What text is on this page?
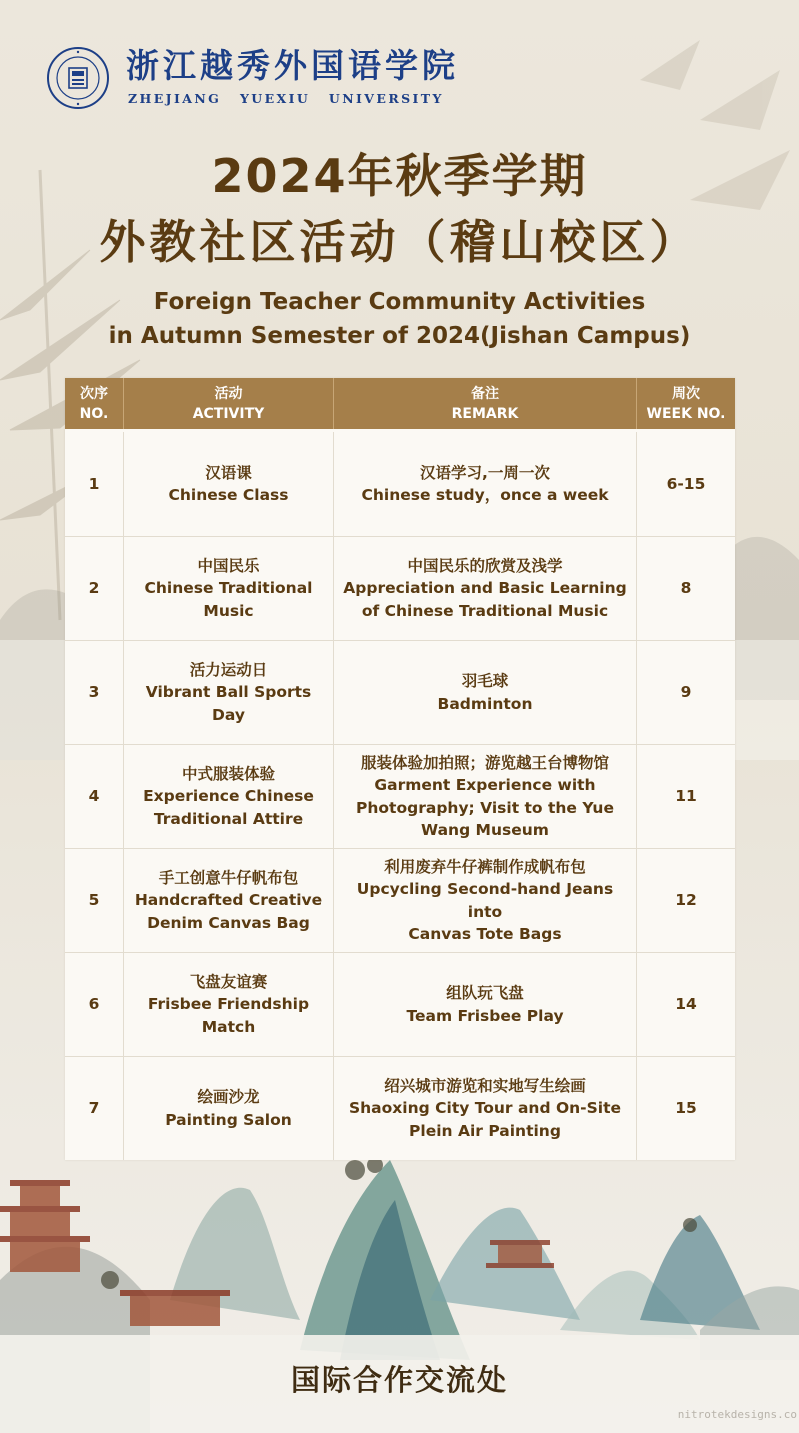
浙江越秀外国语学院
ZHEJIANG YUEXIU UNIVERSITY
2024年秋季学期
外教社区活动（稽山校区）
Foreign Teacher Community Activities
in Autumn Semester of 2024(Jishan Campus)
次序
NO.
活动
ACTIVITY
备注
REMARK
周次
WEEK NO.
1
汉语课
Chinese Class
汉语学习,一周一次
Chinese study，once a week
6-15
2
中国民乐
Chinese Traditional
Music
中国民乐的欣赏及浅学
Appreciation and Basic Learning
of Chinese Traditional Music
8
3
活力运动日
Vibrant Ball Sports Day
羽毛球
Badminton
9
4
中式服装体验
Experience Chinese
Traditional Attire
服装体验加拍照；游览越王台博物馆
Garment Experience with
Photography; Visit to the Yue
Wang Museum
11
5
手工创意牛仔帆布包
Handcrafted Creative
Denim Canvas Bag
利用废弃牛仔裤制作成帆布包
Upcycling Second-hand Jeans into
Canvas Tote Bags
12
6
飞盘友谊赛
Frisbee Friendship
Match
组队玩飞盘
Team Frisbee Play
14
7
绘画沙龙
Painting Salon
绍兴城市游览和实地写生绘画
Shaoxing City Tour and On-Site
Plein Air Painting
15
国际合作交流处
nitrotekdesigns.co
